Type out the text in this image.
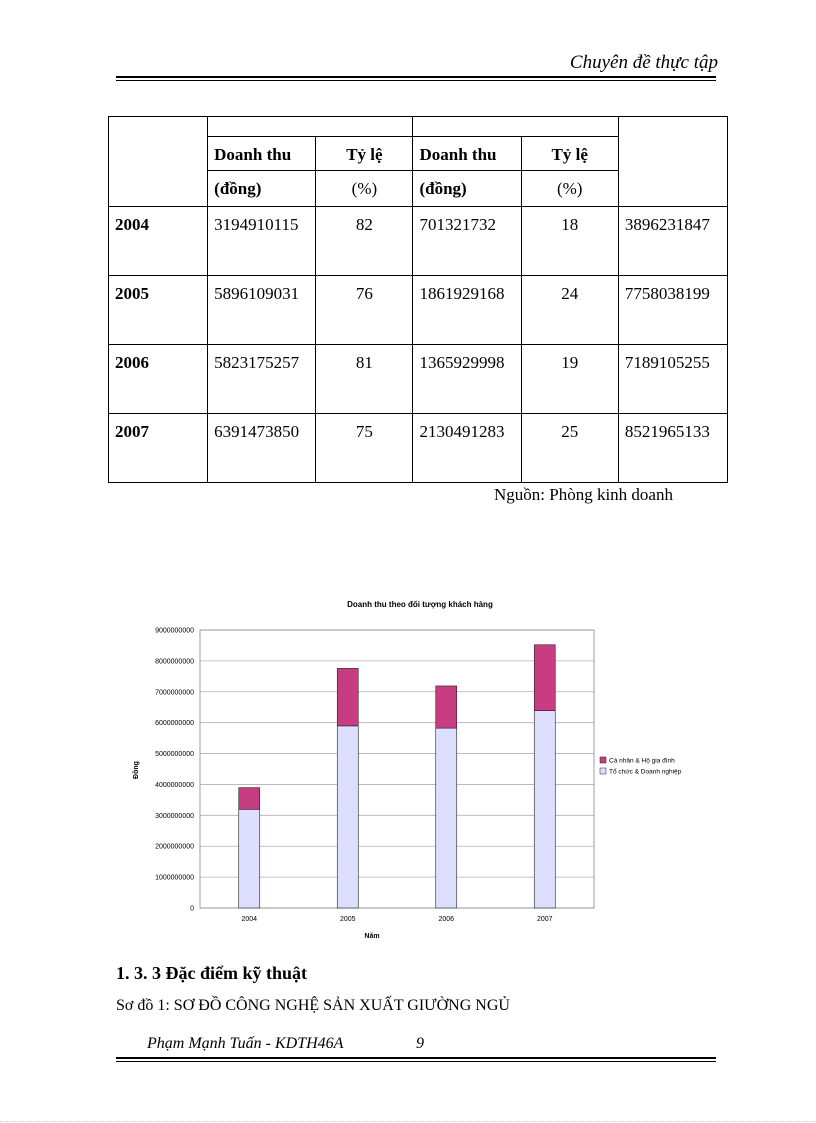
Chuyên đề thực tập

	Doanh thu	Tỷ lệ	Doanh thu	Tỷ lệ	
	(đồng)	(%)	(đồng)	(%)	
2004	3194910115	82	701321732	18	3896231847
2005	5896109031	76	1861929168	24	7758038199
2006	5823175257	81	1365929998	19	7189105255
2007	6391473850	75	2130491283	25	8521965133
Nguồn: Phòng kinh doanh
Doanh thu theo đối tượng khách hàng
Đồng
Năm
0
1000000000
2000000000
3000000000
4000000000
5000000000
6000000000
7000000000
8000000000
9000000000
2004	2005	2006	2007
Cá nhân & Hộ gia đình
Tổ chức & Doanh nghiệp
1. 3. 3 Đặc điểm kỹ thuật
Sơ đồ 1: SƠ ĐỒ CÔNG NGHỆ SẢN XUẤT GIƯỜNG NGỦ
Phạm Mạnh Tuấn - KDTH46A	9
